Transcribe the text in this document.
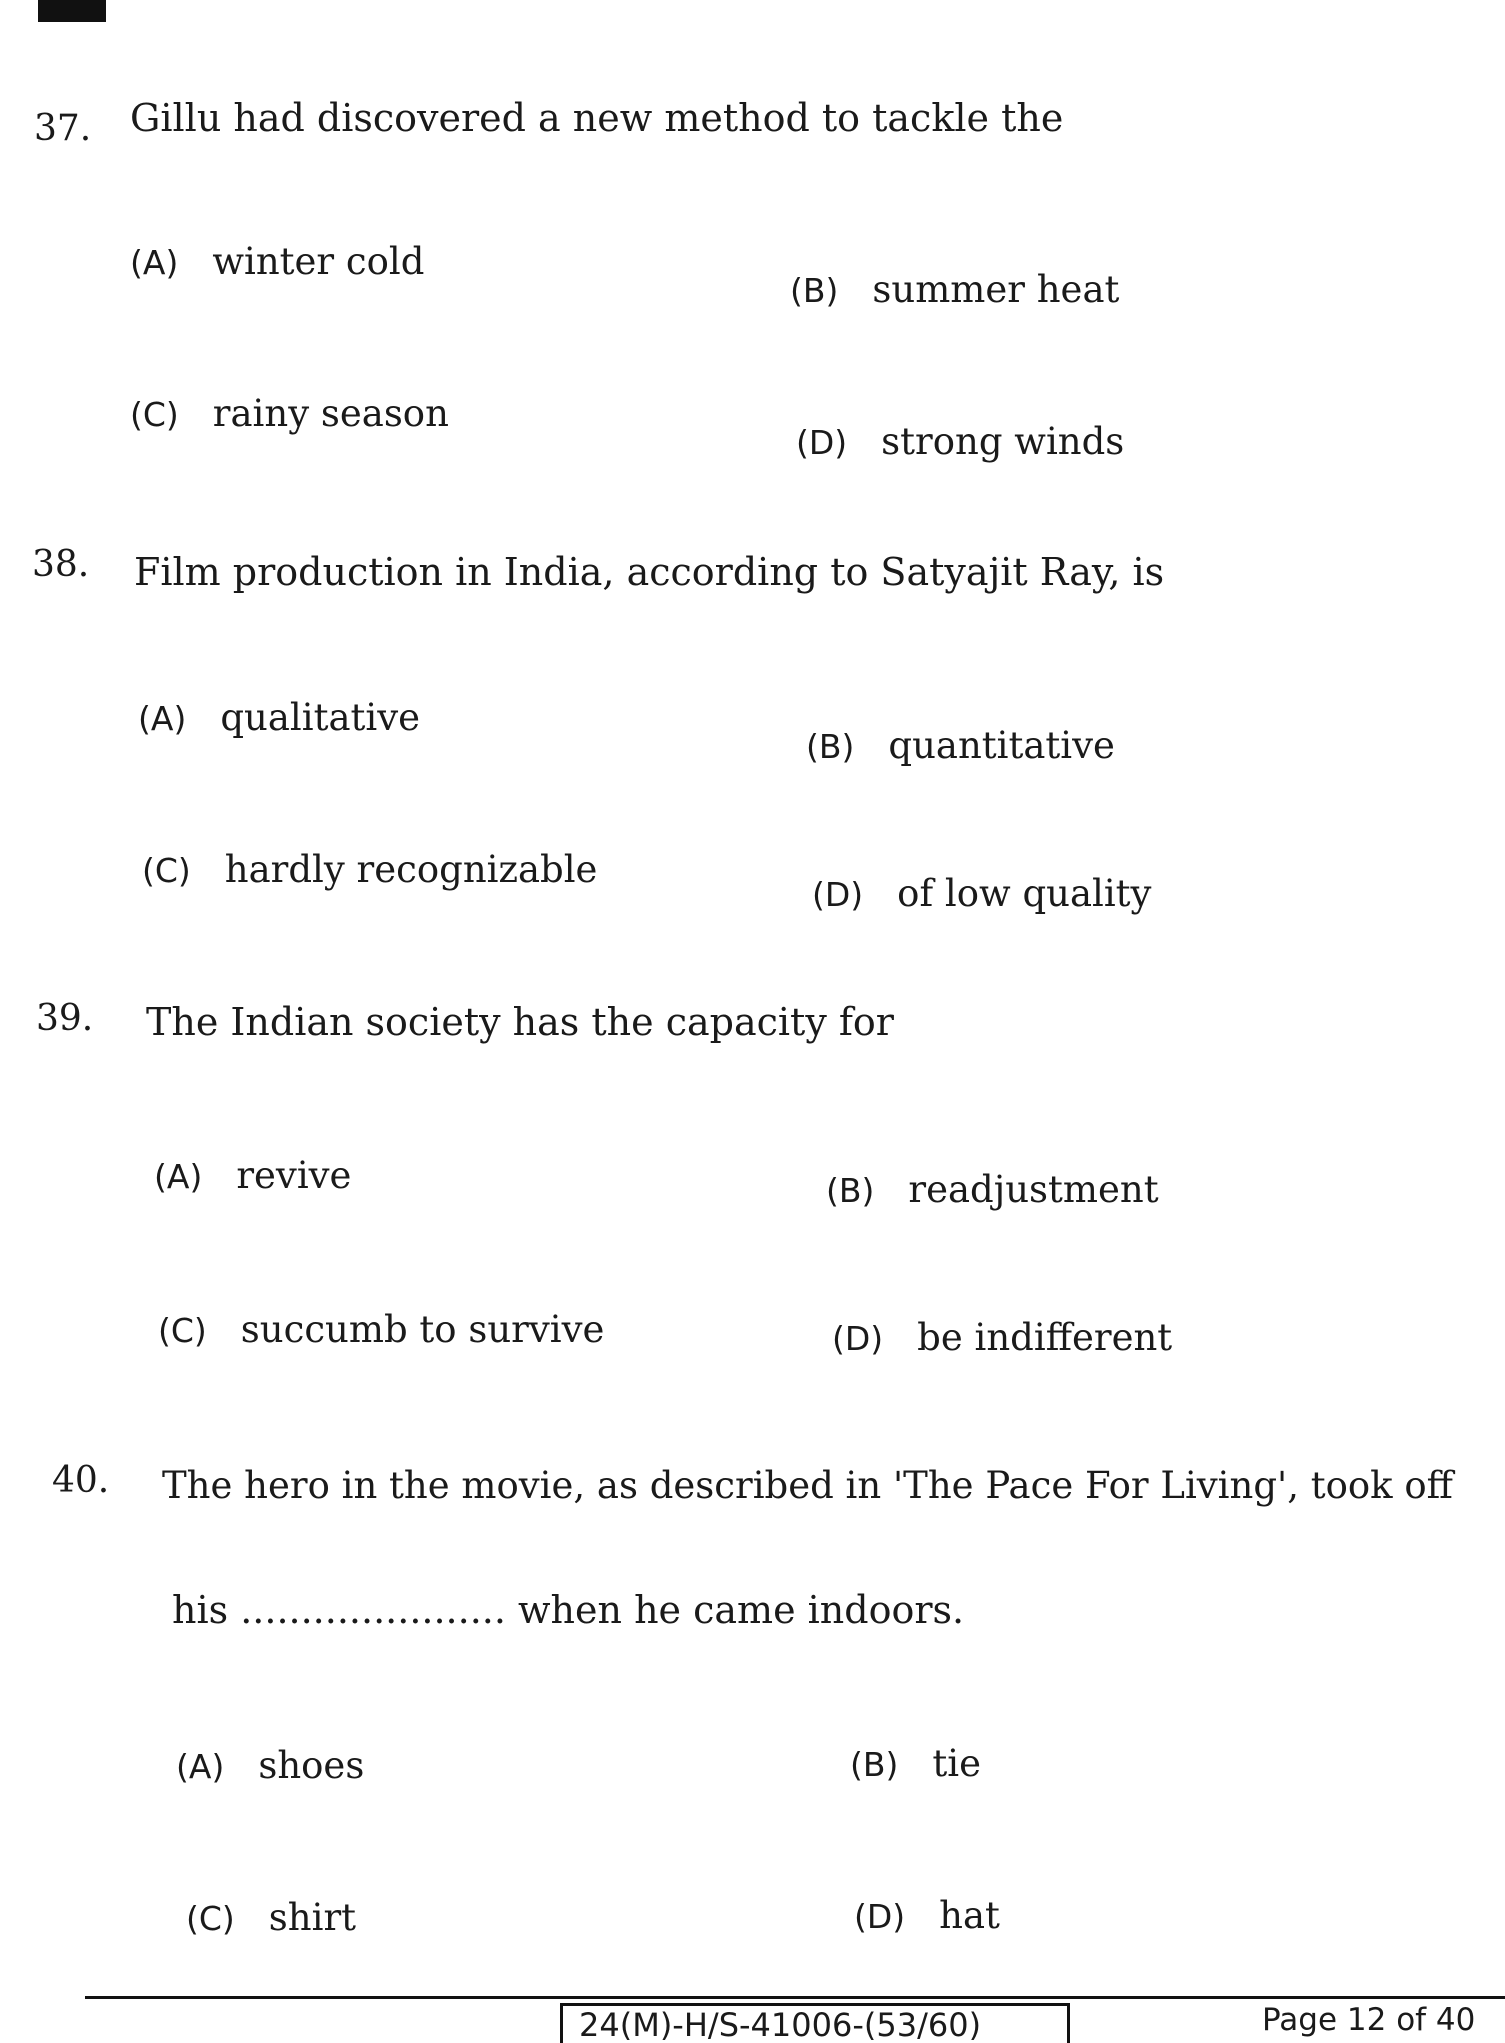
37. Gillu had discovered a new method to tackle the
(A) winter cold
(B) summer heat
(C) rainy season
(D) strong winds
38. Film production in India, according to Satyajit Ray, is
(A) qualitative
(B) quantitative
(C) hardly recognizable
(D) of low quality
39. The Indian society has the capacity for
(A) revive	(B) readjustment
(C) succumb to survive	(D) be indifferent
40. The hero in the movie, as described in 'The Pace For Living', took off
his ...................... when he came indoors.
(A) shoes	(B) tie
(C) shirt	(D) hat
24(M)-H/S-41006-(53/60)	Page 12 of 40
